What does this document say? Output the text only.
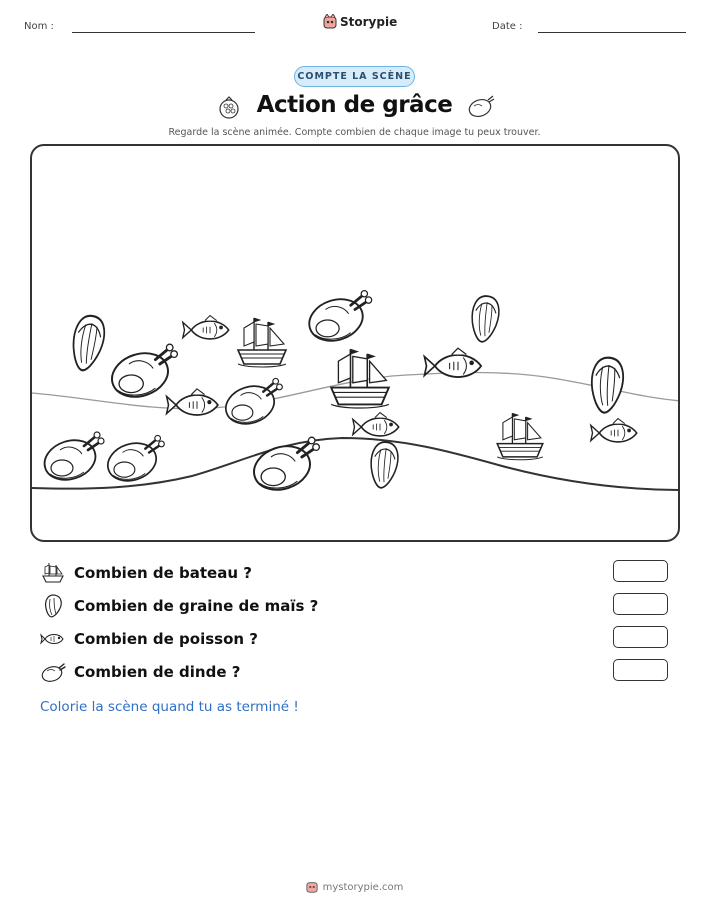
Nom :	Storypie	Date :
COMPTE LA SCÈNE
Action de grâce
Regarde la scène animée. Compte combien de chaque image tu peux trouver.
Combien de bateau ?
Combien de graine de maïs ?
Combien de poisson ?
Combien de dinde ?
Colorie la scène quand tu as terminé !
mystorypie.com
